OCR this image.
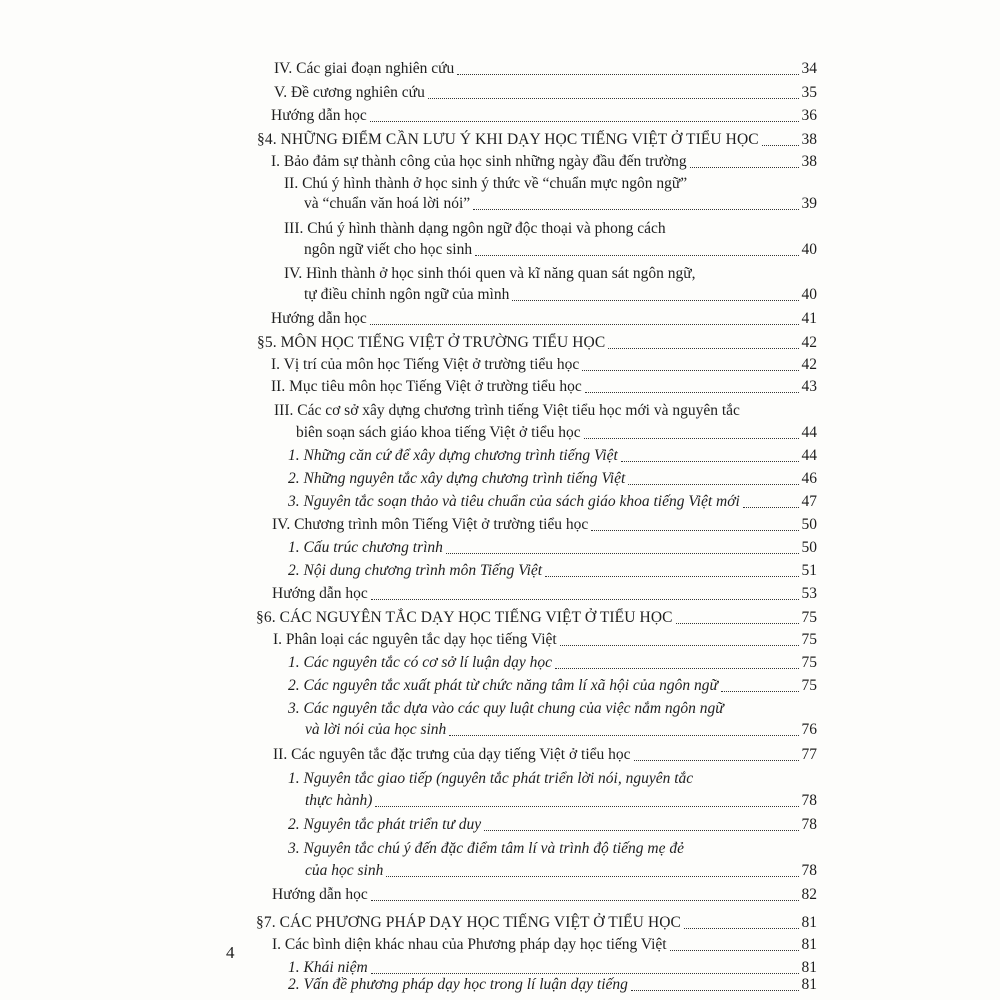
IV. Các giai đoạn nghiên cứu	34
V. Đề cương nghiên cứu	35
Hướng dẫn học	36
§4. NHỮNG ĐIỂM CẦN LƯU Ý KHI DẠY HỌC TIẾNG VIỆT Ở TIỂU HỌC	38
I. Bảo đảm sự thành công của học sinh những ngày đầu đến trường	38
II. Chú ý hình thành ở học sinh ý thức về “chuẩn mực ngôn ngữ”
và “chuẩn văn hoá lời nói”	39
III. Chú ý hình thành dạng ngôn ngữ độc thoại và phong cách
ngôn ngữ viết cho học sinh	40
IV. Hình thành ở học sinh thói quen và kĩ năng quan sát ngôn ngữ,
tự điều chỉnh ngôn ngữ của mình	40
Hướng dẫn học	41
§5. MÔN HỌC TIẾNG VIỆT Ở TRƯỜNG TIỂU HỌC	42
I. Vị trí của môn học Tiếng Việt ở trường tiểu học	42
II. Mục tiêu môn học Tiếng Việt ở trường tiểu học	43
III. Các cơ sở xây dựng chương trình tiếng Việt tiểu học mới và nguyên tắc
biên soạn sách giáo khoa tiếng Việt ở tiểu học	44
1. Những căn cứ để xây dựng chương trình tiếng Việt	44
2. Những nguyên tắc xây dựng chương trình tiếng Việt	46
3. Nguyên tắc soạn thảo và tiêu chuẩn của sách giáo khoa tiếng Việt mới	47
IV. Chương trình môn Tiếng Việt ở trường tiểu học	50
1. Cấu trúc chương trình	50
2. Nội dung chương trình môn Tiếng Việt	51
Hướng dẫn học	53
§6. CÁC NGUYÊN TẮC DẠY HỌC TIẾNG VIỆT Ở TIỂU HỌC	75
I. Phân loại các nguyên tắc dạy học tiếng Việt	75
1. Các nguyên tắc có cơ sở lí luận dạy học	75
2. Các nguyên tắc xuất phát từ chức năng tâm lí xã hội của ngôn ngữ	75
3. Các nguyên tắc dựa vào các quy luật chung của việc nắm ngôn ngữ
và lời nói của học sinh	76
II. Các nguyên tắc đặc trưng của dạy tiếng Việt ở tiểu học	77
1. Nguyên tắc giao tiếp (nguyên tắc phát triển lời nói, nguyên tắc
thực hành)	78
2. Nguyên tắc phát triển tư duy	78
3. Nguyên tắc chú ý đến đặc điểm tâm lí và trình độ tiếng mẹ đẻ
của học sinh	78
Hướng dẫn học	82
§7. CÁC PHƯƠNG PHÁP DẠY HỌC TIẾNG VIỆT Ở TIỂU HỌC	81
I. Các bình diện khác nhau của Phương pháp dạy học tiếng Việt	81
1. Khái niệm	81
2. Vấn đề phương pháp dạy học trong lí luận dạy tiếng	81
4
